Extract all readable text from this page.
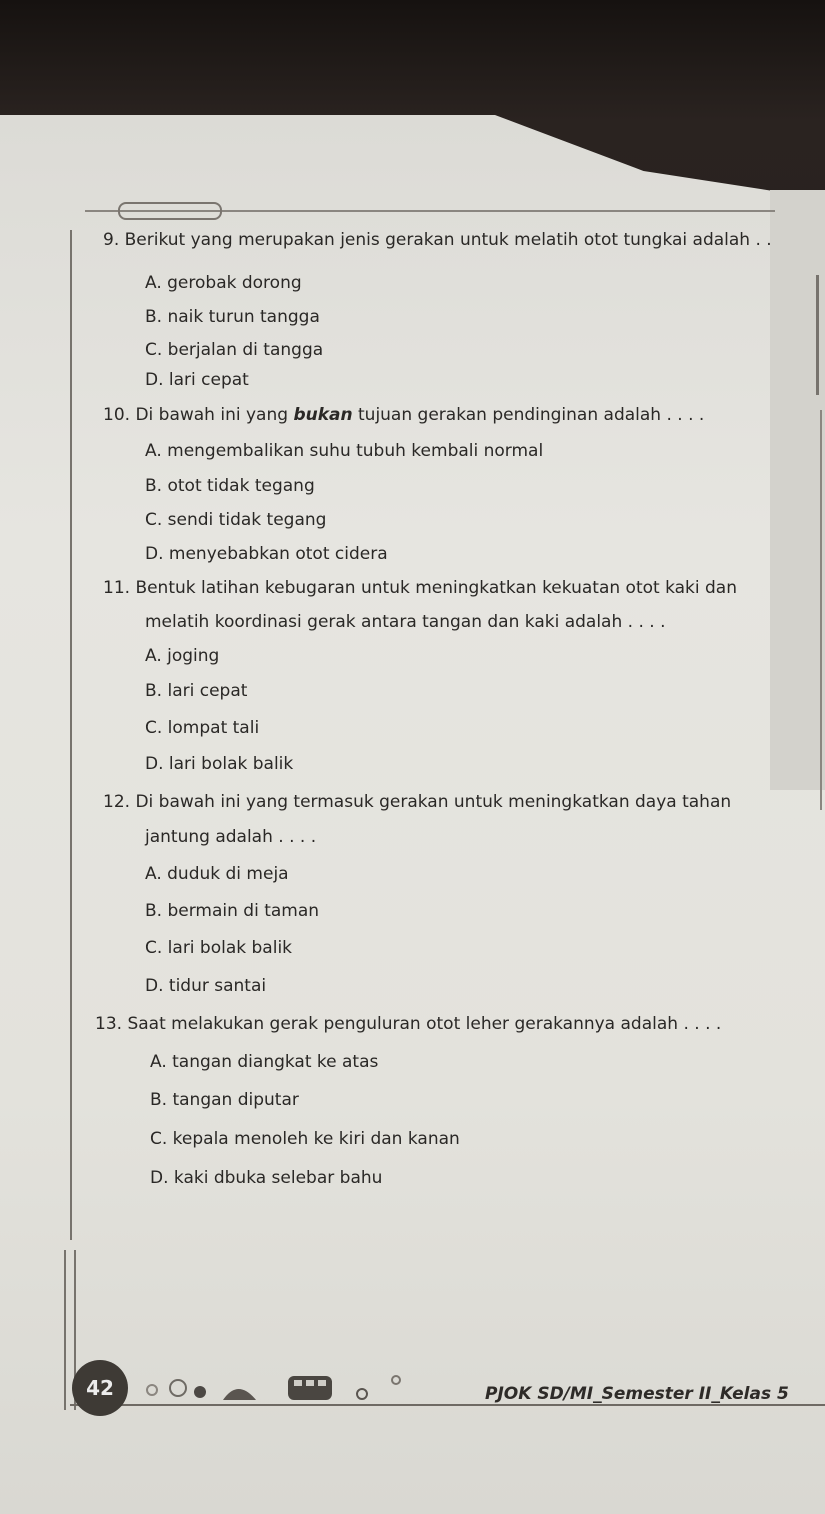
9. Berikut yang merupakan jenis gerakan untuk melatih otot tungkai adalah . .
A. gerobak dorong
B. naik turun tangga
C. berjalan di tangga
D. lari cepat
10. Di bawah ini yang bukan tujuan gerakan pendinginan adalah . . . .
A. mengembalikan suhu tubuh kembali normal
B. otot tidak tegang
C. sendi tidak tegang
D. menyebabkan otot cidera
11. Bentuk latihan kebugaran untuk meningkatkan kekuatan otot kaki dan
melatih koordinasi gerak antara tangan dan kaki adalah . . . .
A. joging
B. lari cepat
C. lompat tali
D. lari bolak balik
12. Di bawah ini yang termasuk gerakan untuk meningkatkan daya tahan
jantung adalah . . . .
A. duduk di meja
B. bermain di taman
C. lari bolak balik
D. tidur santai
13. Saat melakukan gerak penguluran otot leher gerakannya adalah . . . .
A. tangan diangkat ke atas
B. tangan diputar
C. kepala menoleh ke kiri dan kanan
D. kaki dbuka selebar bahu
42	PJOK SD/MI_Semester II_Kelas 5
